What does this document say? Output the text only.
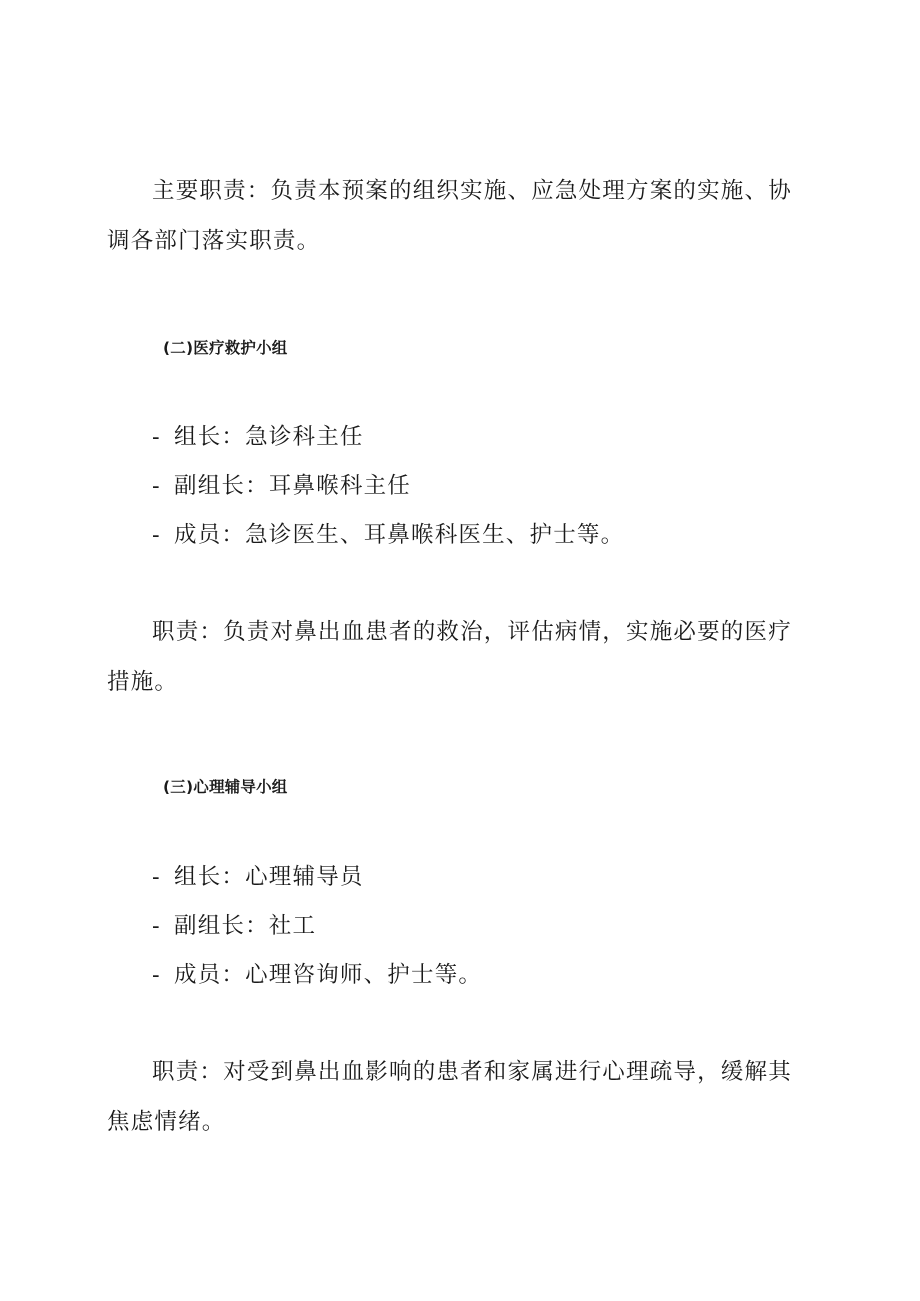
主要职责：负责本预案的组织实施、应急处理方案的实施、协调各部门落实职责。

(二)医疗救护小组
- 组长：急诊科主任
- 副组长：耳鼻喉科主任
- 成员：急诊医生、耳鼻喉科医生、护士等。

职责：负责对鼻出血患者的救治，评估病情，实施必要的医疗措施。

(三)心理辅导小组
- 组长：心理辅导员
- 副组长：社工
- 成员：心理咨询师、护士等。

职责：对受到鼻出血影响的患者和家属进行心理疏导，缓解其焦虑情绪。
